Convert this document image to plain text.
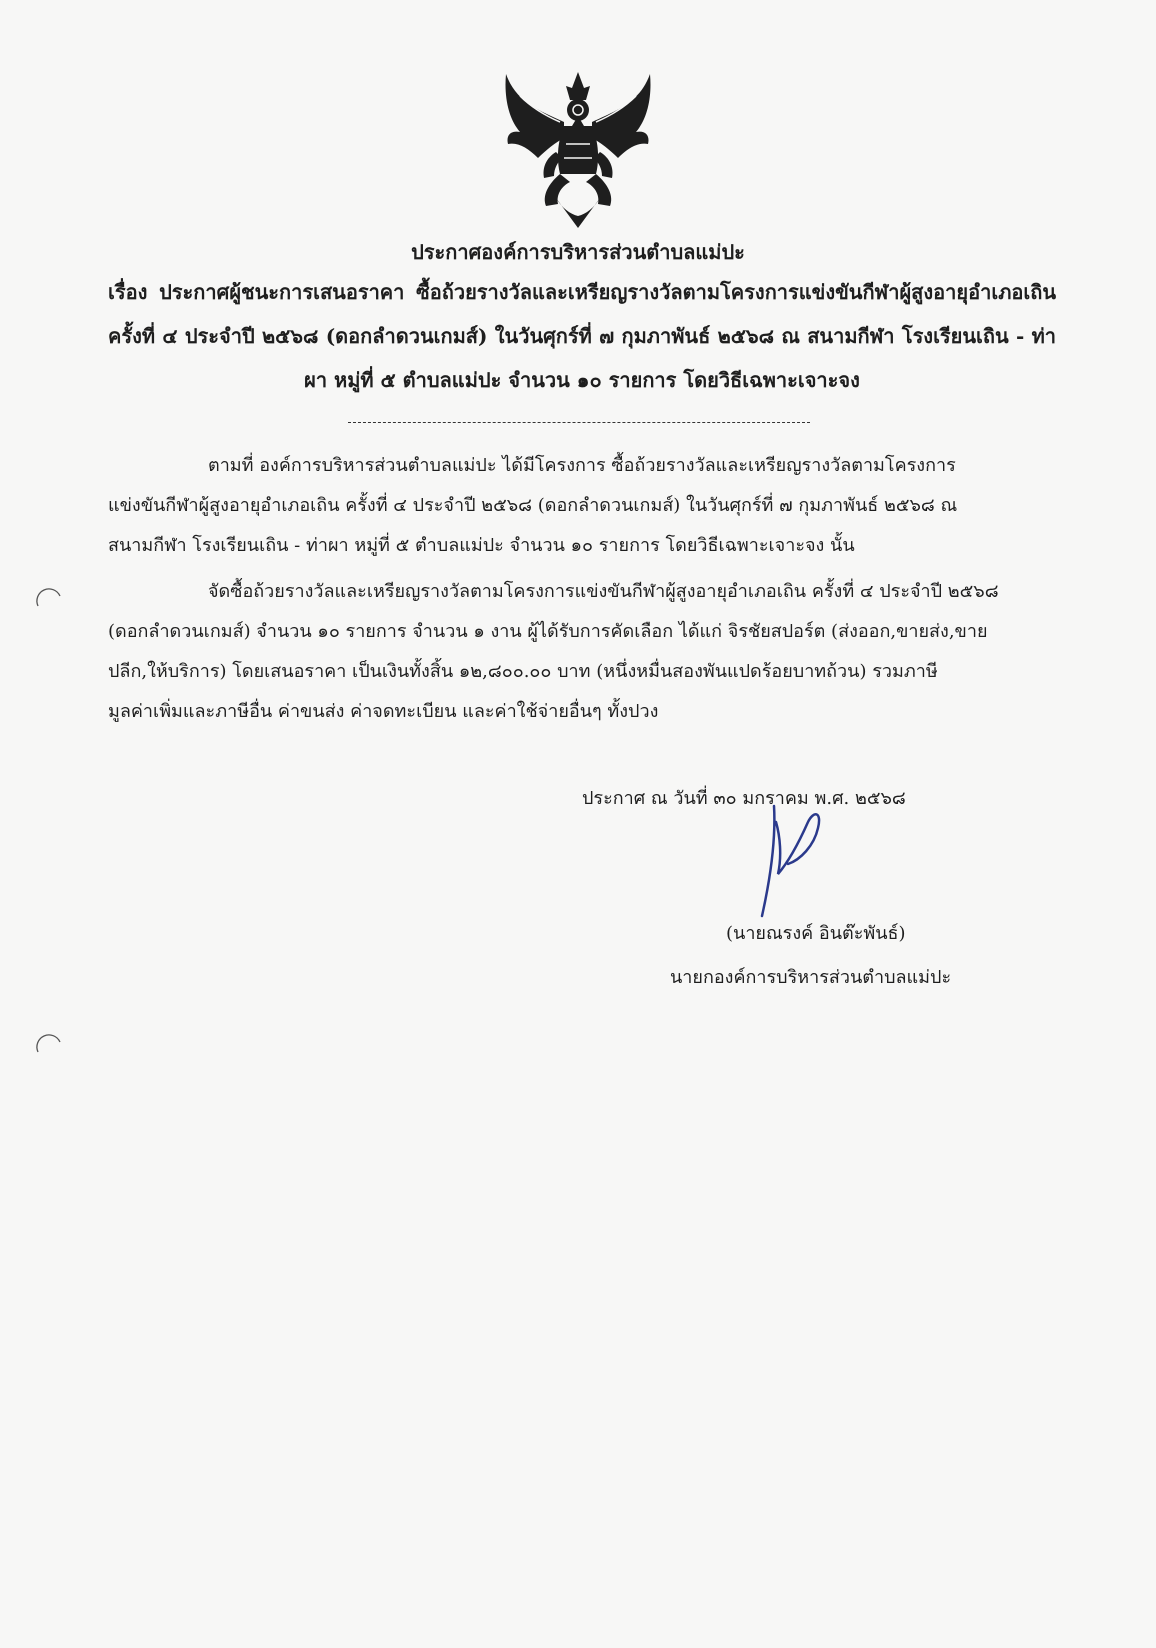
ประกาศองค์การบริหารส่วนตำบลแม่ปะ
เรื่อง ประกาศผู้ชนะการเสนอราคา ซื้อถ้วยรางวัลและเหรียญรางวัลตามโครงการแข่งขันกีฬาผู้สูงอายุอำเภอเถิน
ครั้งที่ ๔ ประจำปี ๒๕๖๘ (ดอกลำดวนเกมส์) ในวันศุกร์ที่ ๗ กุมภาพันธ์ ๒๕๖๘ ณ สนามกีฬา โรงเรียนเถิน - ท่า
ผา หมู่ที่ ๕ ตำบลแม่ปะ จำนวน ๑๐ รายการ โดยวิธีเฉพาะเจาะจง
ตามที่ องค์การบริหารส่วนตำบลแม่ปะ ได้มีโครงการ ซื้อถ้วยรางวัลและเหรียญรางวัลตามโครงการ
แข่งขันกีฬาผู้สูงอายุอำเภอเถิน ครั้งที่ ๔ ประจำปี ๒๕๖๘ (ดอกลำดวนเกมส์) ในวันศุกร์ที่ ๗ กุมภาพันธ์ ๒๕๖๘ ณ
สนามกีฬา โรงเรียนเถิน - ท่าผา หมู่ที่ ๕ ตำบลแม่ปะ จำนวน ๑๐ รายการ โดยวิธีเฉพาะเจาะจง นั้น
จัดซื้อถ้วยรางวัลและเหรียญรางวัลตามโครงการแข่งขันกีฬาผู้สูงอายุอำเภอเถิน ครั้งที่ ๔ ประจำปี ๒๕๖๘
(ดอกลำดวนเกมส์) จำนวน ๑๐ รายการ จำนวน ๑ งาน ผู้ได้รับการคัดเลือก ได้แก่ จิรชัยสปอร์ต (ส่งออก,ขายส่ง,ขาย
ปลีก,ให้บริการ) โดยเสนอราคา เป็นเงินทั้งสิ้น ๑๒,๘๐๐.๐๐ บาท (หนึ่งหมื่นสองพันแปดร้อยบาทถ้วน) รวมภาษี
มูลค่าเพิ่มและภาษีอื่น ค่าขนส่ง ค่าจดทะเบียน และค่าใช้จ่ายอื่นๆ ทั้งปวง
ประกาศ ณ วันที่ ๓๐ มกราคม พ.ศ. ๒๕๖๘
(นายณรงค์ อินต๊ะพันธ์)
นายกองค์การบริหารส่วนตำบลแม่ปะ
